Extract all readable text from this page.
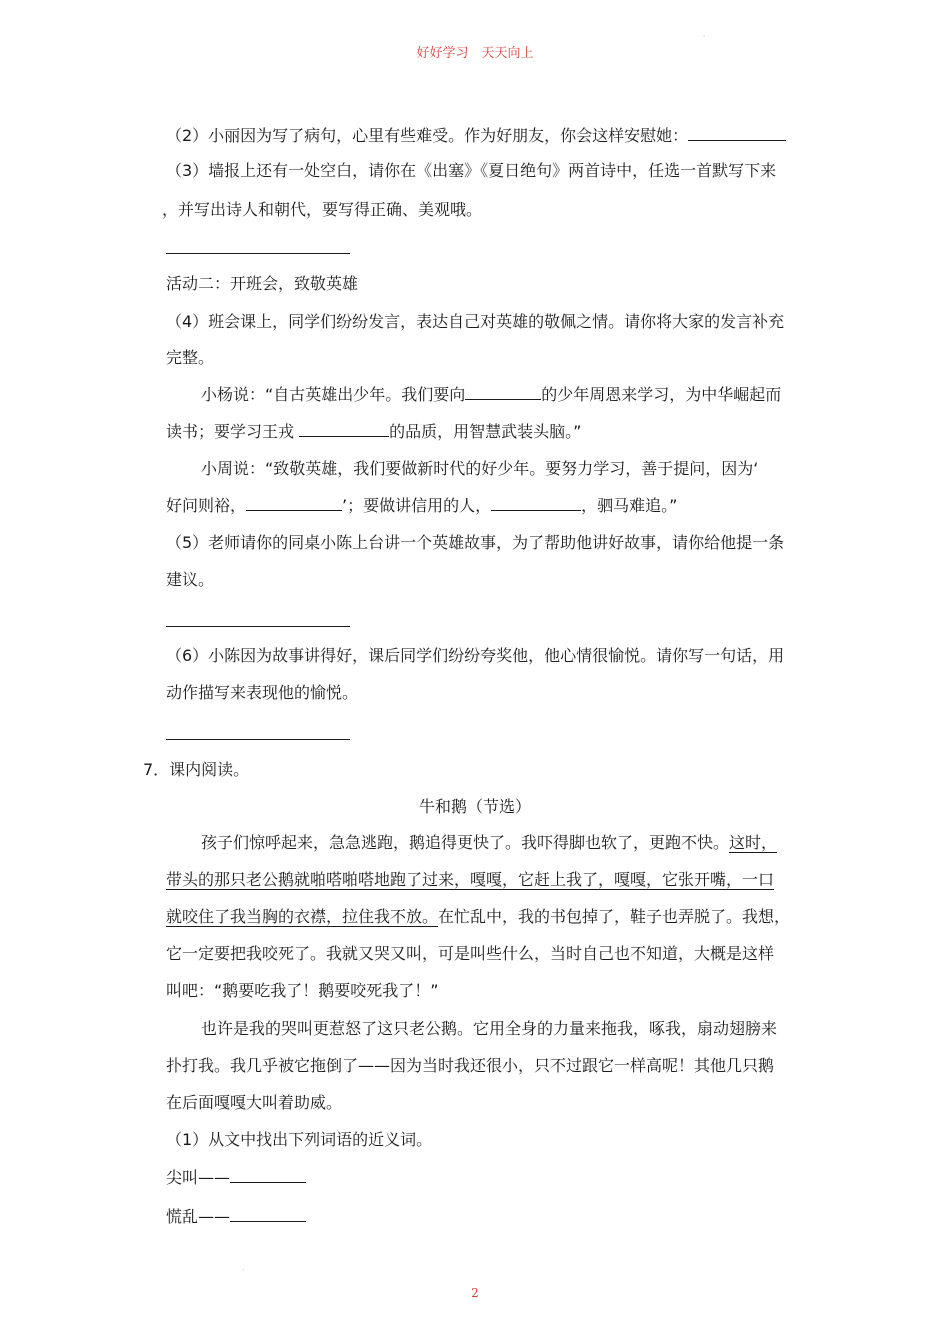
好好学习　天天向上
ˈ
（2）小丽因为写了病句，心里有些难受。作为好朋友，你会这样安慰她：
（3）墙报上还有一处空白，请你在《出塞》《夏日绝句》两首诗中，任选一首默写下来
，并写出诗人和朝代，要写得正确、美观哦。
活动二：开班会，致敬英雄
（4）班会课上，同学们纷纷发言，表达自己对英雄的敬佩之情。请你将大家的发言补充
完整。
小杨说：“自古英雄出少年。我们要向	的少年周恩来学习，为中华崛起而
读书；要学习王戎	的品质，用智慧武装头脑。”
小周说：“致敬英雄，我们要做新时代的好少年。要努力学习，善于提问，因为‘
好问则裕，	’；要做讲信用的人，	，驷马难追。”
（5）老师请你的同桌小陈上台讲一个英雄故事，为了帮助他讲好故事，请你给他提一条
建议。
（6）小陈因为故事讲得好，课后同学们纷纷夸奖他，他心情很愉悦。请你写一句话，用
动作描写来表现他的愉悦。
7．课内阅读。
牛和鹅（节选）
孩子们惊呼起来，急急逃跑，鹅追得更快了。我吓得脚也软了，更跑不快。这时，
带头的那只老公鹅就啪嗒啪嗒地跑了过来，嘎嘎，它赶上我了，嘎嘎，它张开嘴，一口
就咬住了我当胸的衣襟，拉住我不放。在忙乱中，我的书包掉了，鞋子也弄脱了。我想，
它一定要把我咬死了。我就又哭又叫，可是叫些什么，当时自己也不知道，大概是这样
叫吧：“鹅要吃我了！鹅要咬死我了！”
也许是我的哭叫更惹怒了这只老公鹅。它用全身的力量来拖我，啄我，扇动翅膀来
扑打我。我几乎被它拖倒了——因为当时我还很小，只不过跟它一样高呢！其他几只鹅
在后面嘎嘎大叫着助威。
（1）从文中找出下列词语的近义词。
尖叫——
慌乱——
·
2
